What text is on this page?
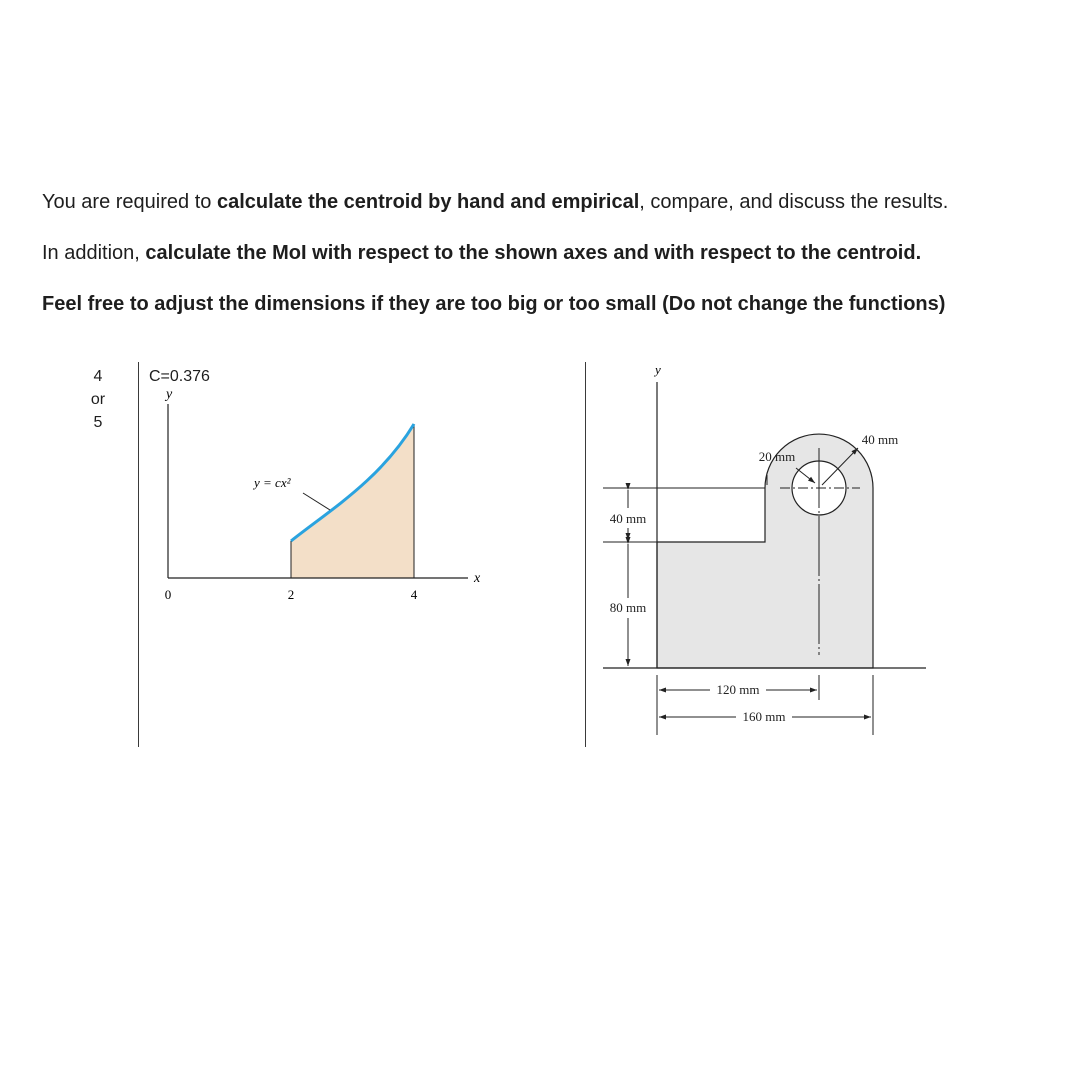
You are required to calculate the centroid by hand and empirical, compare, and discuss the results.

In addition, calculate the MoI with respect to the shown axes and with respect to the centroid.

Feel free to adjust the dimensions if they are too big or too small (Do not change the functions)

4
or
5
C=0.376
y
x
0	2	4
y = cx²
y
40 mm
80 mm
20 mm
40 mm
120 mm
160 mm
